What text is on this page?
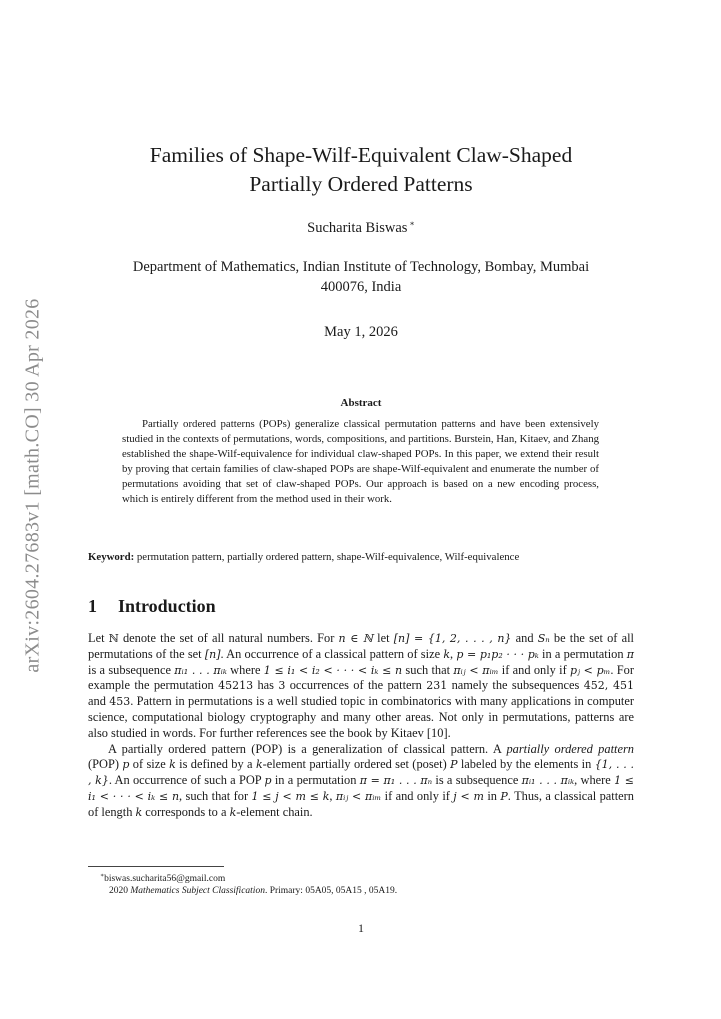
arXiv:2604.27683v1 [math.CO] 30 Apr 2026
Families of Shape-Wilf-Equivalent Claw-Shaped
Partially Ordered Patterns

Sucharita Biswas ∗

Department of Mathematics, Indian Institute of Technology, Bombay, Mumbai
400076, India

May 1, 2026

Abstract

Partially ordered patterns (POPs) generalize classical permutation patterns and have been extensively studied in the contexts of permutations, words, compositions, and partitions. Burstein, Han, Kitaev, and Zhang established the shape-Wilf-equivalence for individual claw-shaped POPs. In this paper, we extend their result by proving that certain families of claw-shaped POPs are shape-Wilf-equivalent and enumerate the number of permutations avoiding that set of claw-shaped POPs. Our approach is based on a new encoding process, which is entirely different from the method used in their work.

Keyword: permutation pattern, partially ordered pattern, shape-Wilf-equivalence, Wilf-equivalence

1 Introduction

Let ℕ denote the set of all natural numbers. For n ∈ ℕ let [n] = {1, 2, . . . , n} and Sₙ be the set of all permutations of the set [n]. An occurrence of a classical pattern of size k, p = p₁p₂ · · · pₖ in a permutation π is a subsequence πᵢ₁ . . . πᵢₖ where 1 ≤ i₁ < i₂ < · · · < iₖ ≤ n such that πᵢⱼ < πᵢₘ if and only if pⱼ < pₘ. For example the permutation 45213 has 3 occurrences of the pattern 231 namely the subsequences 452, 451 and 453. Pattern in permutations is a well studied topic in combinatorics with many applications in computer science, computational biology cryptography and many other areas. Not only in permutations, patterns are also studied in words. For further references see the book by Kitaev [10].

A partially ordered pattern (POP) is a generalization of classical pattern. A partially ordered pattern (POP) p of size k is defined by a k-element partially ordered set (poset) P labeled by the elements in {1, . . . , k}. An occurrence of such a POP p in a permutation π = π₁ . . . πₙ is a subsequence πᵢ₁ . . . πᵢₖ, where 1 ≤ i₁ < · · · < iₖ ≤ n, such that for 1 ≤ j < m ≤ k, πᵢⱼ < πᵢₘ if and only if j < m in P. Thus, a classical pattern of length k corresponds to a k-element chain.

∗biswas.sucharita56@gmail.com

2020 Mathematics Subject Classification. Primary: 05A05, 05A15 , 05A19.

1
